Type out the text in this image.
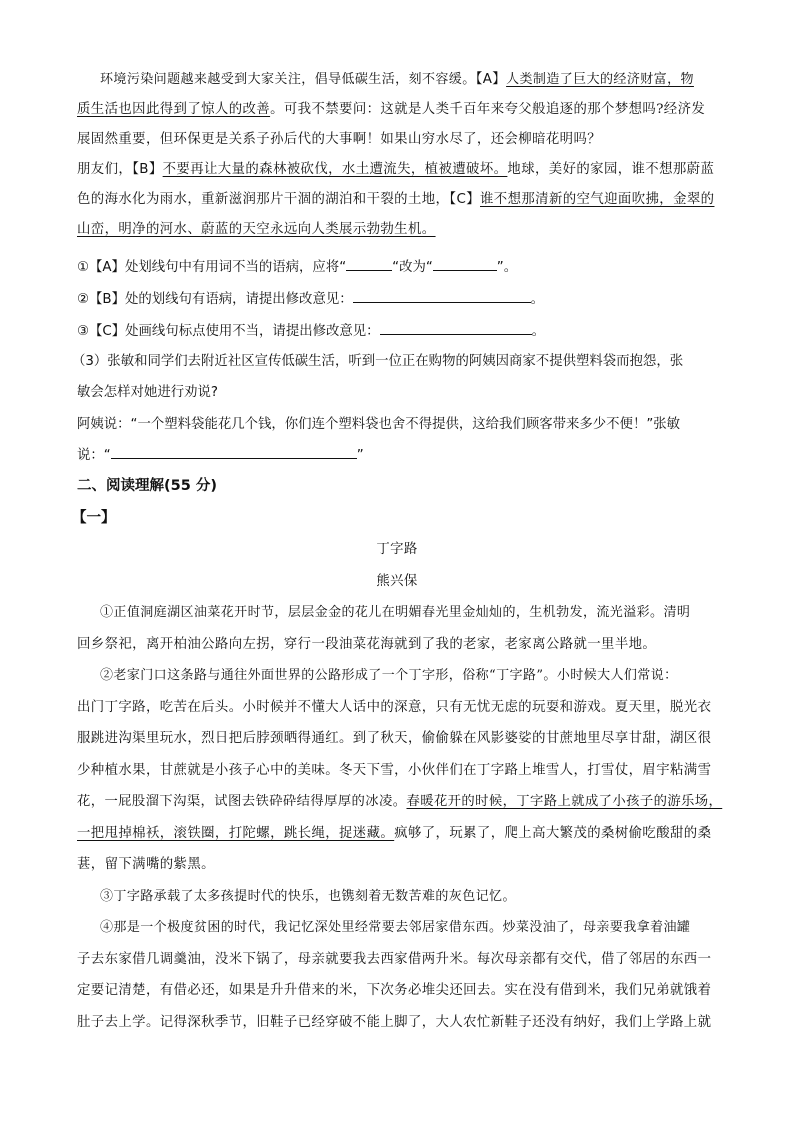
环境污染问题越来越受到大家关注，倡导低碳生活，刻不容缓。【A】人类制造了巨大的经济财富，物
质生活也因此得到了惊人的改善。可我不禁要问：这就是人类千百年来夸父般追逐的那个梦想吗?经济发
展固然重要，但环保更是关系子孙后代的大事啊！如果山穷水尽了，还会柳暗花明吗？
朋友们，【B】不要再让大量的森林被砍伐，水土遭流失，植被遭破坏。地球，美好的家园，谁不想那蔚蓝
色的海水化为雨水，重新滋润那片干涸的湖泊和干裂的土地，【C】谁不想那清新的空气迎面吹拂，金翠的
山峦，明净的河水、蔚蓝的天空永远向人类展示勃勃生机。
①【A】处划线句中有用词不当的语病，应将“	“改为“	”。
②【B】处的划线句有语病，请提出修改意见：	。
③【C】处画线句标点使用不当，请提出修改意见：	。
（3）张敏和同学们去附近社区宣传低碳生活，听到一位正在购物的阿姨因商家不提供塑料袋而抱怨，张
敏会怎样对她进行劝说?
阿姨说：“一个塑料袋能花几个钱，你们连个塑料袋也舍不得提供，这给我们顾客带来多少不便！”张敏
说：“	”
二、阅读理解(55 分)
【一】
丁字路
熊兴保
①正值洞庭湖区油菜花开时节，层层金金的花儿在明媚春光里金灿灿的，生机勃发，流光溢彩。清明
回乡祭祀，离开柏油公路向左拐，穿行一段油菜花海就到了我的老家，老家离公路就一里半地。
②老家门口这条路与通往外面世界的公路形成了一个丁字形，俗称“丁字路”。小时候大人们常说：
出门丁字路，吃苦在后头。小时候并不懂大人话中的深意，只有无忧无虑的玩耍和游戏。夏天里，脱光衣
服跳进沟渠里玩水，烈日把后脖颈晒得通红。到了秋天，偷偷躲在风影婆娑的甘蔗地里尽享甘甜，湖区很
少种植水果，甘蔗就是小孩子心中的美味。冬天下雪，小伙伴们在丁字路上堆雪人，打雪仗，眉宇粘满雪
花，一屁股溜下沟渠，试图去铁砕砕结得厚厚的冰凌。春暖花开的时候，丁字路上就成了小孩子的游乐场，
一把甩掉棉袄，滚铁圈，打陀螺，跳长绳，捉迷藏。疯够了，玩累了，爬上高大繁茂的桑树偷吃酸甜的桑
葚，留下满嘴的紫黑。
③丁字路承载了太多孩提时代的快乐，也镌刻着无数苦难的灰色记忆。
④那是一个极度贫困的时代，我记忆深处里经常要去邻居家借东西。炒菜没油了，母亲要我拿着油罐
子去东家借几调羹油，没米下锅了，母亲就要我去西家借两升米。每次母亲都有交代，借了邻居的东西一
定要记清楚，有借必还，如果是升升借来的米，下次务必堆尖还回去。实在没有借到米，我们兄弟就饿着
肚子去上学。记得深秋季节，旧鞋子已经穿破不能上脚了，大人农忙新鞋子还没有纳好，我们上学路上就
